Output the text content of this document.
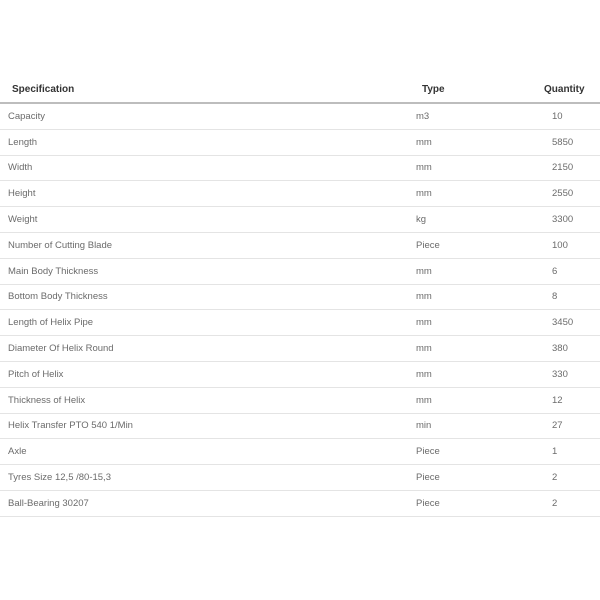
Specification	Type	Quantity
Capacity	m3	10
Length	mm	5850
Width	mm	2150
Height	mm	2550
Weight	kg	3300
Number of Cutting Blade	Piece	100
Main Body Thickness	mm	6
Bottom Body Thickness	mm	8
Length of Helix Pipe	mm	3450
Diameter Of Helix Round	mm	380
Pitch of Helix	mm	330
Thickness of Helix	mm	12
Helix Transfer PTO 540 1/Min	min	27
Axle	Piece	1
Tyres Size 12,5 /80-15,3	Piece	2
Ball-Bearing 30207	Piece	2
